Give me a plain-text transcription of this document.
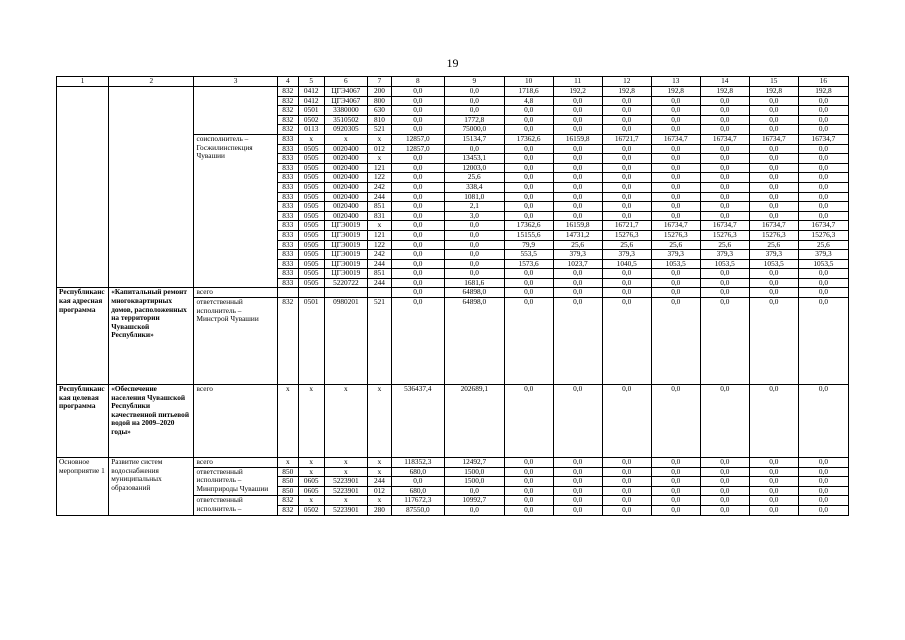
19
1	2	3	4	5	6	7	8	9	10	11	12	13	14	15	16
			832	0412	ЦГЭ4067	200	0,0	0,0	1718,6	192,2	192,8	192,8	192,8	192,8	192,8
			832	0412	ЦГЭ4067	800	0,0	0,0	4,8	0,0	0,0	0,0	0,0	0,0	0,0
			832	0501	3380000	630	0,0	0,0	0,0	0,0	0,0	0,0	0,0	0,0	0,0
			832	0502	3510502	810	0,0	1772,8	0,0	0,0	0,0	0,0	0,0	0,0	0,0
			832	0113	0920305	521	0,0	75000,0	0,0	0,0	0,0	0,0	0,0	0,0	0,0
		соисполнитель – Госжилинспекция Чувашии	833	x	x	x	12857,0	15134,7	17362,6	16159,8	16721,7	16734,7	16734,7	16734,7	16734,7
			833	0505	0020400	012	12857,0	0,0	0,0	0,0	0,0	0,0	0,0	0,0	0,0
			833	0505	0020400	x	0,0	13453,1	0,0	0,0	0,0	0,0	0,0	0,0	0,0
			833	0505	0020400	121	0,0	12003,0	0,0	0,0	0,0	0,0	0,0	0,0	0,0
			833	0505	0020400	122	0,0	25,6	0,0	0,0	0,0	0,0	0,0	0,0	0,0
			833	0505	0020400	242	0,0	338,4	0,0	0,0	0,0	0,0	0,0	0,0	0,0
			833	0505	0020400	244	0,0	1081,0	0,0	0,0	0,0	0,0	0,0	0,0	0,0
			833	0505	0020400	851	0,0	2,1	0,0	0,0	0,0	0,0	0,0	0,0	0,0
			833	0505	0020400	831	0,0	3,0	0,0	0,0	0,0	0,0	0,0	0,0	0,0
			833	0505	ЦГЭ0019	x	0,0	0,0	17362,6	16159,8	16721,7	16734,7	16734,7	16734,7	16734,7
			833	0505	ЦГЭ0019	121	0,0	0,0	15155,6	14731,2	15276,3	15276,3	15276,3	15276,3	15276,3
			833	0505	ЦГЭ0019	122	0,0	0,0	79,9	25,6	25,6	25,6	25,6	25,6	25,6
			833	0505	ЦГЭ0019	242	0,0	0,0	553,5	379,3	379,3	379,3	379,3	379,3	379,3
			833	0505	ЦГЭ0019	244	0,0	0,0	1573,6	1023,7	1040,5	1053,5	1053,5	1053,5	1053,5
			833	0505	ЦГЭ0019	851	0,0	0,0	0,0	0,0	0,0	0,0	0,0	0,0	0,0
			833	0505	5220722	244	0,0	1681,6	0,0	0,0	0,0	0,0	0,0	0,0	0,0
Республиканская адресная программа	«Капитальный ремонт многоквартирных домов, расположенных на территории Чувашской Республики»	всего					0,0	64898,0	0,0	0,0	0,0	0,0	0,0	0,0	0,0
		ответственный исполнитель – Минстрой Чувашии	832	0501	0980201	521	0,0	64898,0	0,0	0,0	0,0	0,0	0,0	0,0	0,0
Республиканская целевая программа	«Обеспечение населения Чувашской Республики качественной питьевой водой на 2009–2020 годы»	всего	x	x	x	x	536437,4	202689,1	0,0	0,0	0,0	0,0	0,0	0,0	0,0
Основное мероприятие 1	Развитие систем водоснабжения муниципальных образований	всего	x	x	x	x	118352,3	12492,7	0,0	0,0	0,0	0,0	0,0	0,0	0,0
		ответственный исполнитель – Минприроды Чувашии	850	x	x	x	680,0	1500,0	0,0	0,0	0,0	0,0	0,0	0,0	0,0
			850	0605	5223901	244	0,0	1500,0	0,0	0,0	0,0	0,0	0,0	0,0	0,0
			850	0605	5223901	012	680,0	0,0	0,0	0,0	0,0	0,0	0,0	0,0	0,0
		ответственный исполнитель –	832	x	x	x	117672,3	10992,7	0,0	0,0	0,0	0,0	0,0	0,0	0,0
			832	0502	5223901	280	87550,0	0,0	0,0	0,0	0,0	0,0	0,0	0,0	0,0
